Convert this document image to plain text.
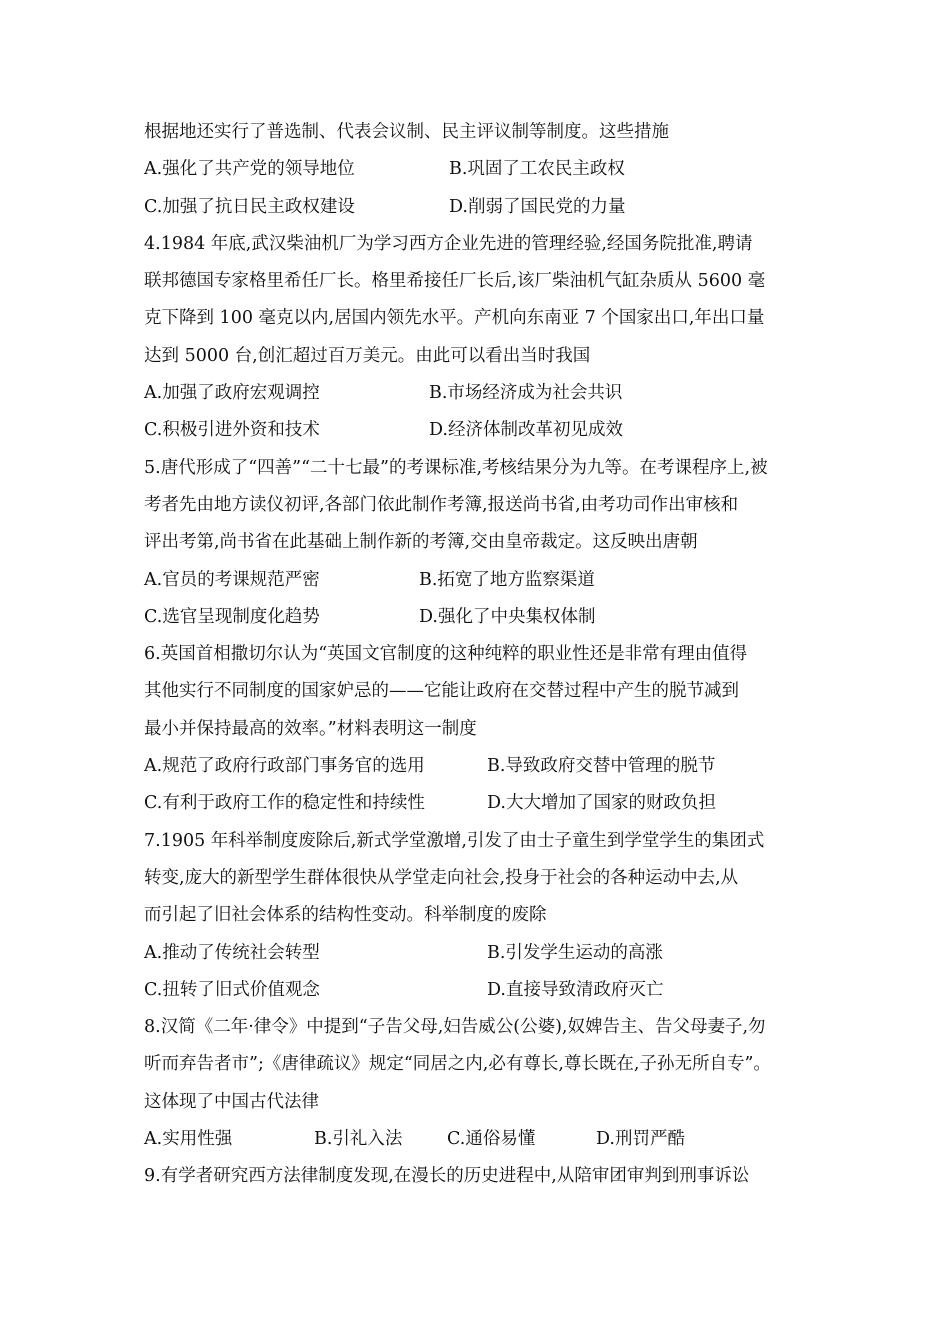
根据地还实行了普选制、代表会议制、民主评议制等制度。这些措施
A.强化了共产党的领导地位	B.巩固了工农民主政权
C.加强了抗日民主政权建设	D.削弱了国民党的力量
4.1984 年底,武汉柴油机厂为学习西方企业先进的管理经验,经国务院批准,聘请
联邦德国专家格里希任厂长。格里希接任厂长后,该厂柴油机气缸杂质从 5600 毫
克下降到 100 毫克以内,居国内领先水平。产机向东南亚 7 个国家出口,年出口量
达到 5000 台,创汇超过百万美元。由此可以看出当时我国
A.加强了政府宏观调控	B.市场经济成为社会共识
C.积极引进外资和技术	D.经济体制改革初见成效
5.唐代形成了“四善”“二十七最”的考课标准,考核结果分为九等。在考课程序上,被
考者先由地方读仪初评,各部门依此制作考簿,报送尚书省,由考功司作出审核和
评出考第,尚书省在此基础上制作新的考簿,交由皇帝裁定。这反映出唐朝
A.官员的考课规范严密	B.拓宽了地方监察渠道
C.选官呈现制度化趋势	D.强化了中央集权体制
6.英国首相撒切尔认为“英国文官制度的这种纯粹的职业性还是非常有理由值得
其他实行不同制度的国家妒忌的——它能让政府在交替过程中产生的脱节减到
最小并保持最高的效率。”材料表明这一制度
A.规范了政府行政部门事务官的选用	B.导致政府交替中管理的脱节
C.有利于政府工作的稳定性和持续性	D.大大增加了国家的财政负担
7.1905 年科举制度废除后,新式学堂激增,引发了由士子童生到学堂学生的集团式
转变,庞大的新型学生群体很快从学堂走向社会,投身于社会的各种运动中去,从
而引起了旧社会体系的结构性变动。科举制度的废除
A.推动了传统社会转型	B.引发学生运动的高涨
C.扭转了旧式价值观念	D.直接导致清政府灭亡
8.汉简《二年·律令》中提到“子告父母,妇告威公(公婆),奴婢告主、告父母妻子,勿
听而弃告者市”;《唐律疏议》规定“同居之内,必有尊长,尊长既在,子孙无所自专”。
这体现了中国古代法律
A.实用性强	B.引礼入法	C.通俗易懂	D.刑罚严酷
9.有学者研究西方法律制度发现,在漫长的历史进程中,从陪审团审判到刑事诉讼
